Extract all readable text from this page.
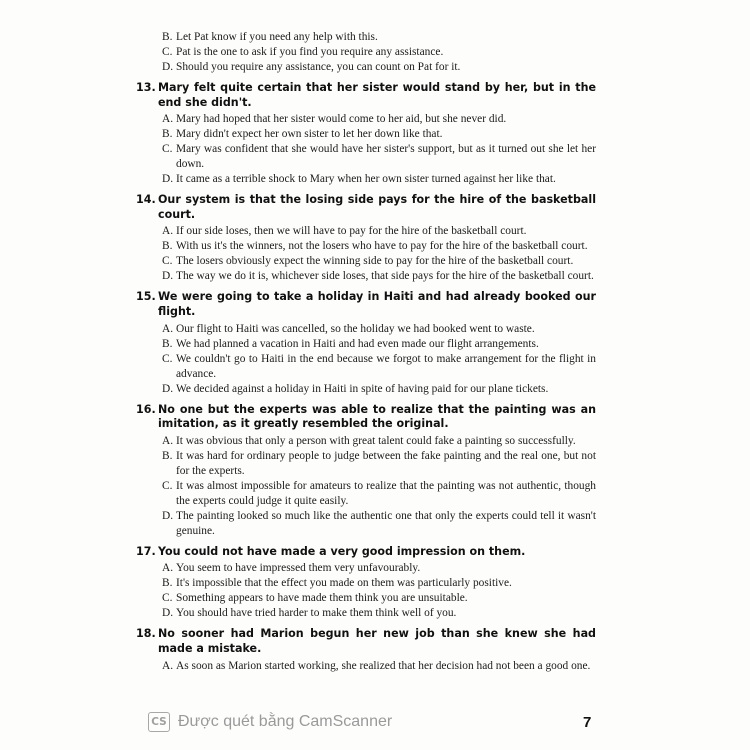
B. Let Pat know if you need any help with this.
C. Pat is the one to ask if you find you require any assistance.
D. Should you require any assistance, you can count on Pat for it.
13. Mary felt quite certain that her sister would stand by her, but in the end she didn't.
A. Mary had hoped that her sister would come to her aid, but she never did.
B. Mary didn't expect her own sister to let her down like that.
C. Mary was confident that she would have her sister's support, but as it turned out she let her down.
D. It came as a terrible shock to Mary when her own sister turned against her like that.
14. Our system is that the losing side pays for the hire of the basketball court.
A. If our side loses, then we will have to pay for the hire of the basketball court.
B. With us it's the winners, not the losers who have to pay for the hire of the basketball court.
C. The losers obviously expect the winning side to pay for the hire of the basketball court.
D. The way we do it is, whichever side loses, that side pays for the hire of the basketball court.
15. We were going to take a holiday in Haiti and had already booked our flight.
A. Our flight to Haiti was cancelled, so the holiday we had booked went to waste.
B. We had planned a vacation in Haiti and had even made our flight arrangements.
C. We couldn't go to Haiti in the end because we forgot to make arrangement for the flight in advance.
D. We decided against a holiday in Haiti in spite of having paid for our plane tickets.
16. No one but the experts was able to realize that the painting was an imitation, as it greatly resembled the original.
A. It was obvious that only a person with great talent could fake a painting so successfully.
B. It was hard for ordinary people to judge between the fake painting and the real one, but not for the experts.
C. It was almost impossible for amateurs to realize that the painting was not authentic, though the experts could judge it quite easily.
D. The painting looked so much like the authentic one that only the experts could tell it wasn't genuine.
17. You could not have made a very good impression on them.
A. You seem to have impressed them very unfavourably.
B. It's impossible that the effect you made on them was particularly positive.
C. Something appears to have made them think you are unsuitable.
D. You should have tried harder to make them think well of you.
18. No sooner had Marion begun her new job than she knew she had made a mistake.
A. As soon as Marion started working, she realized that her decision had not been a good one.
CS Được quét bằng CamScanner	7
